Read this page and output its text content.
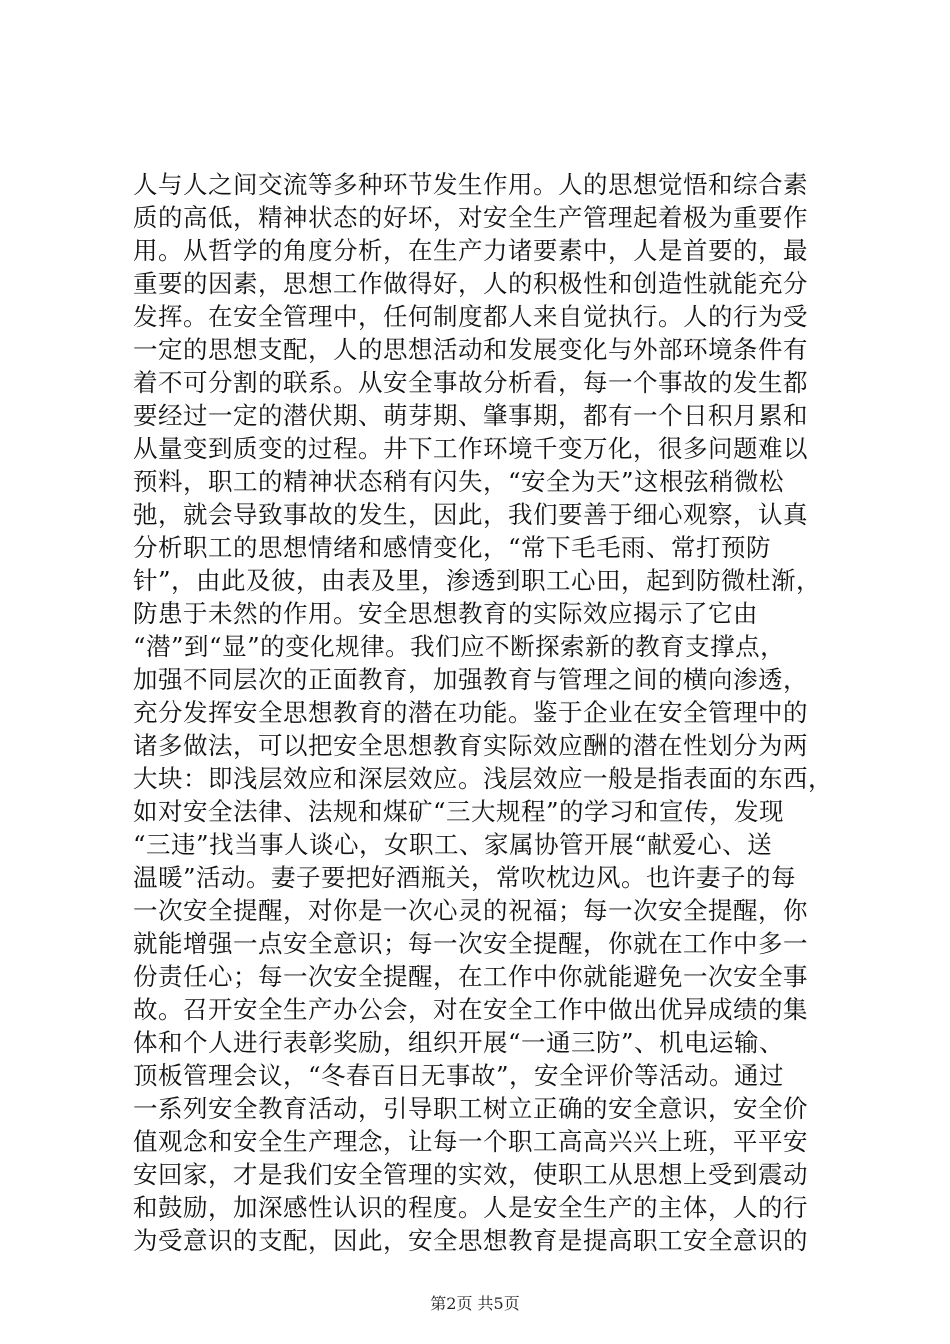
人与人之间交流等多种环节发生作用。人的思想觉悟和综合素
质的高低，精神状态的好坏，对安全生产管理起着极为重要作
用。从哲学的角度分析，在生产力诸要素中，人是首要的，最
重要的因素，思想工作做得好，人的积极性和创造性就能充分
发挥。在安全管理中，任何制度都人来自觉执行。人的行为受
一定的思想支配，人的思想活动和发展变化与外部环境条件有
着不可分割的联系。从安全事故分析看，每一个事故的发生都
要经过一定的潜伏期、萌芽期、肇事期，都有一个日积月累和
从量变到质变的过程。井下工作环境千变万化，很多问题难以
预料，职工的精神状态稍有闪失，“安全为天”这根弦稍微松
弛，就会导致事故的发生，因此，我们要善于细心观察，认真
分析职工的思想情绪和感情变化，“常下毛毛雨、常打预防
针”，由此及彼，由表及里，渗透到职工心田，起到防微杜渐，
防患于未然的作用。安全思想教育的实际效应揭示了它由
“潜”到“显”的变化规律。我们应不断探索新的教育支撑点，
加强不同层次的正面教育，加强教育与管理之间的横向渗透，
充分发挥安全思想教育的潜在功能。鉴于企业在安全管理中的
诸多做法，可以把安全思想教育实际效应酬的潜在性划分为两
大块：即浅层效应和深层效应。浅层效应一般是指表面的东西，
如对安全法律、法规和煤矿“三大规程”的学习和宣传，发现
“三违”找当事人谈心，女职工、家属协管开展“献爱心、送
温暖”活动。妻子要把好酒瓶关，常吹枕边风。也许妻子的每
一次安全提醒，对你是一次心灵的祝福；每一次安全提醒，你
就能增强一点安全意识；每一次安全提醒，你就在工作中多一
份责任心；每一次安全提醒，在工作中你就能避免一次安全事
故。召开安全生产办公会，对在安全工作中做出优异成绩的集
体和个人进行表彰奖励，组织开展“一通三防”、机电运输、
顶板管理会议，“冬春百日无事故”，安全评价等活动。通过
一系列安全教育活动，引导职工树立正确的安全意识，安全价
值观念和安全生产理念，让每一个职工高高兴兴上班，平平安
安回家，才是我们安全管理的实效，使职工从思想上受到震动
和鼓励，加深感性认识的程度。人是安全生产的主体，人的行
为受意识的支配，因此，安全思想教育是提高职工安全意识的
第2页 共5页
